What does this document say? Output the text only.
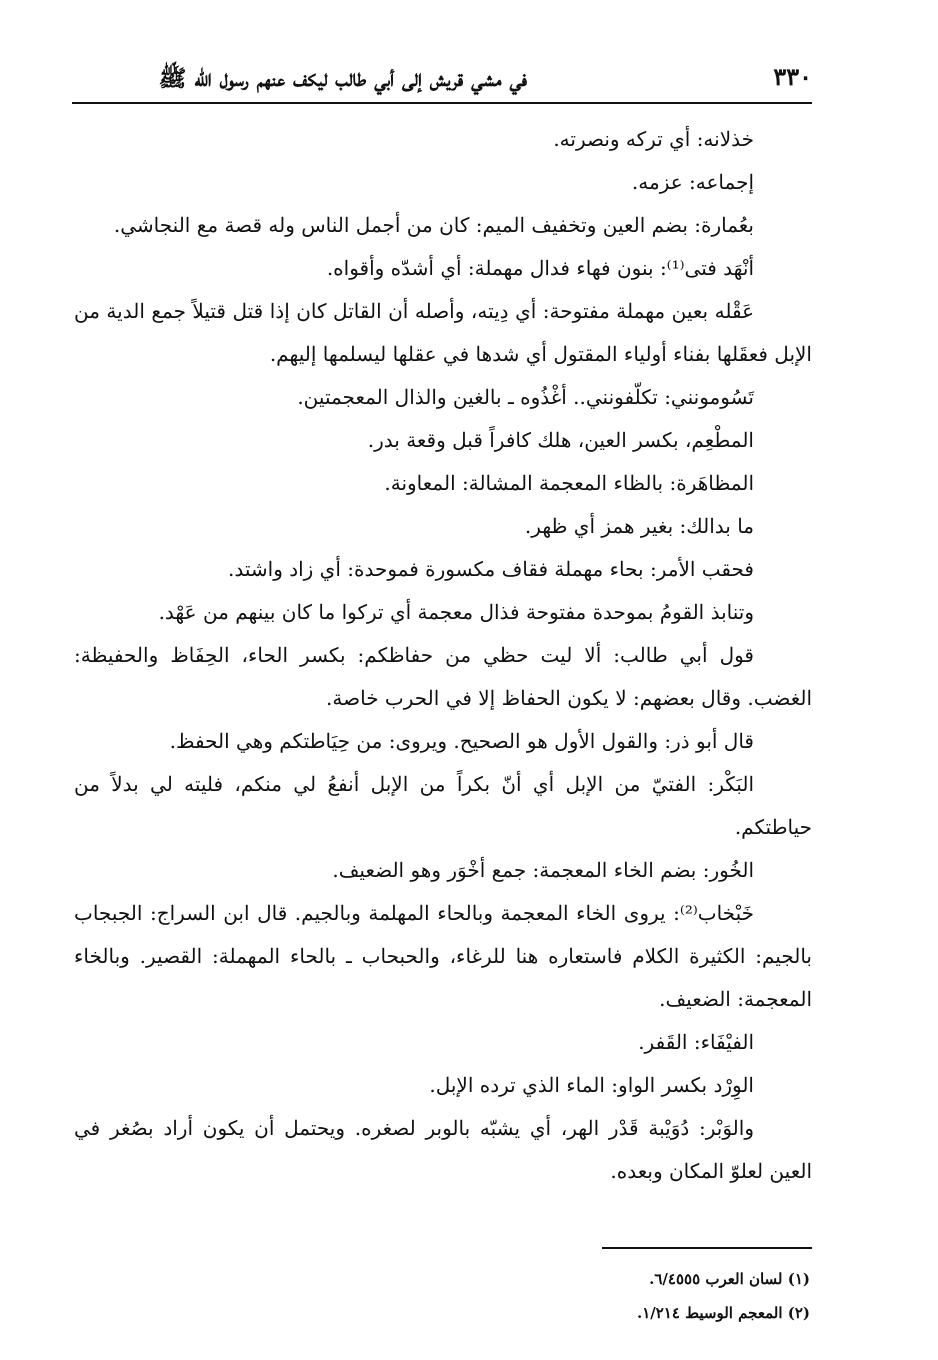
٣٣٠
في مشي قريش إلى أبي طالب ليكف عنهم رسول الله ﷺ

خذلانه: أي تركه ونصرته.

إجماعه: عزمه.

بعُمارة: بضم العين وتخفيف الميم: كان من أجمل الناس وله قصة مع النجاشي.

أنْهَد فتى⁽¹⁾: بنون فهاء فدال مهملة: أي أشدّه وأقواه.

عَقْله بعين مهملة مفتوحة: أي دِيته، وأصله أن القاتل كان إذا قتل قتيلاً جمع الدية من الإبل فعقَلها بفناء أولياء المقتول أي شدها في عقلها ليسلمها إليهم.

تَسُومونني: تكلّفونني.. أغْذُوه ـ بالغين والذال المعجمتين.

المطْعِم، بكسر العين، هلك كافراً قبل وقعة بدر.

المظاهَرة: بالظاء المعجمة المشالة: المعاونة.

ما بدالك: بغير همز أي ظهر.

فحقب الأمر: بحاء مهملة فقاف مكسورة فموحدة: أي زاد واشتد.

وتنابذ القومُ بموحدة مفتوحة فذال معجمة أي تركوا ما كان بينهم من عَهْد.

قول أبي طالب: ألا ليت حظي من حفاظكم: بكسر الحاء، الحِفَاظ والحفيظة: الغضب. وقال بعضهم: لا يكون الحفاظ إلا في الحرب خاصة.

قال أبو ذر: والقول الأول هو الصحيح. ويروى: من حِيَاطتكم وهي الحفظ.

البَكْر: الفتيّ من الإبل أي أنّ بكراً من الإبل أنفعُ لي منكم، فليته لي بدلاً من حياطتكم.

الخُور: بضم الخاء المعجمة: جمع أخْوَر وهو الضعيف.

خَبْخاب⁽²⁾: يروى الخاء المعجمة وبالحاء المهلمة وبالجيم. قال ابن السراج: الجبجاب بالجيم: الكثيرة الكلام فاستعاره هنا للرغاء، والحبحاب ـ بالحاء المهملة: القصير. وبالخاء المعجمة: الضعيف.

الفيْفَاء: القَفر.

الوِرْد بكسر الواو: الماء الذي ترده الإبل.

والوَبْر: دُوَيْبة قَدْر الهر، أي يشبّه بالوبر لصغره. ويحتمل أن يكون أراد بصُغر في العين لعلوّ المكان وبعده.

(١) لسان العرب ٦/٤٥٥٥.

(٢) المعجم الوسيط ١/٢١٤.
